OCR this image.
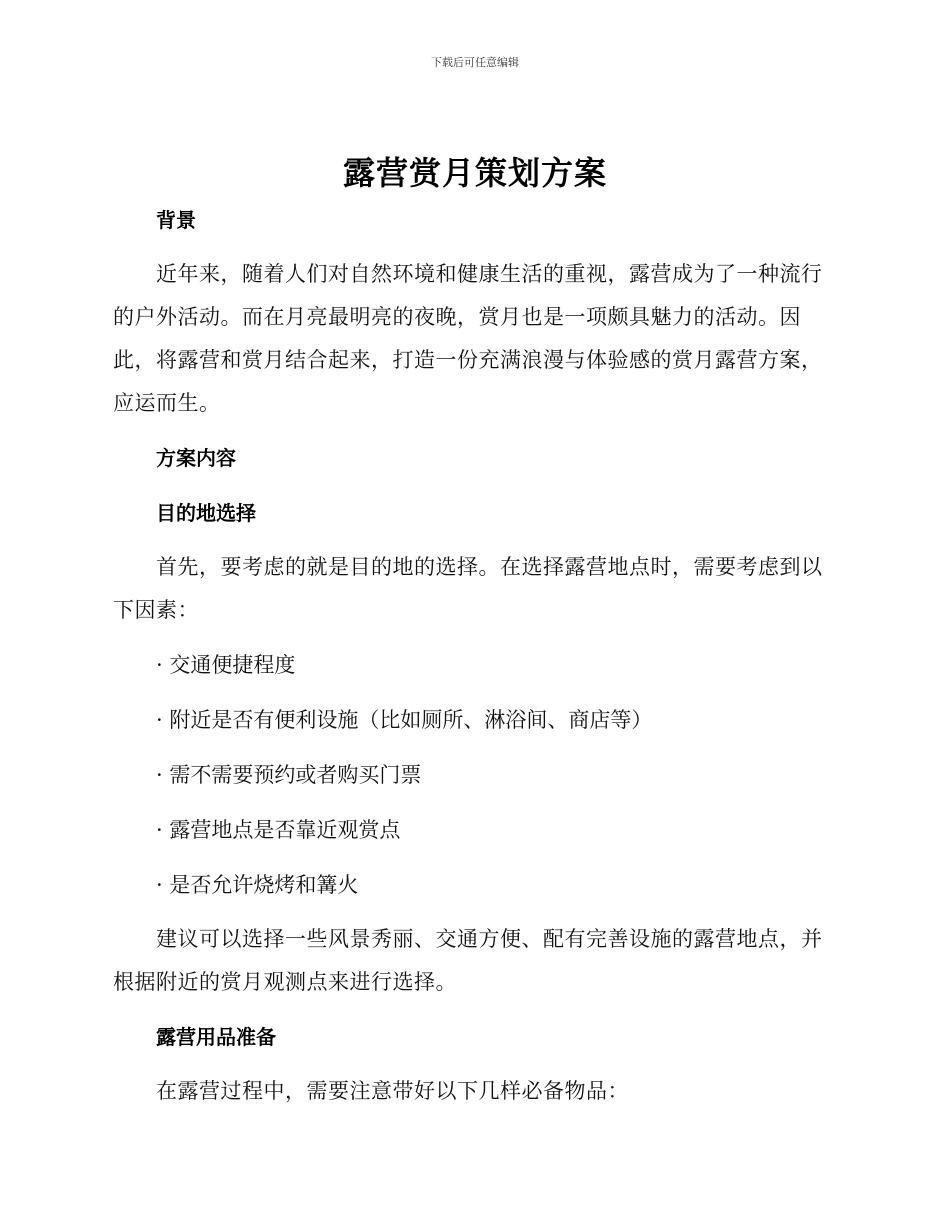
下载后可任意编辑
露营赏月策划方案
背景

近年来，随着人们对自然环境和健康生活的重视，露营成为了一种流行的户外活动。而在月亮最明亮的夜晚，赏月也是一项颇具魅力的活动。因此，将露营和赏月结合起来，打造一份充满浪漫与体验感的赏月露营方案，应运而生。

方案内容
目的地选择

首先，要考虑的就是目的地的选择。在选择露营地点时，需要考虑到以下因素：

· 交通便捷程度
· 附近是否有便利设施（比如厕所、淋浴间、商店等）
· 需不需要预约或者购买门票
· 露营地点是否靠近观赏点
· 是否允许烧烤和篝火

建议可以选择一些风景秀丽、交通方便、配有完善设施的露营地点，并根据附近的赏月观测点来进行选择。

露营用品准备

在露营过程中，需要注意带好以下几样必备物品：
